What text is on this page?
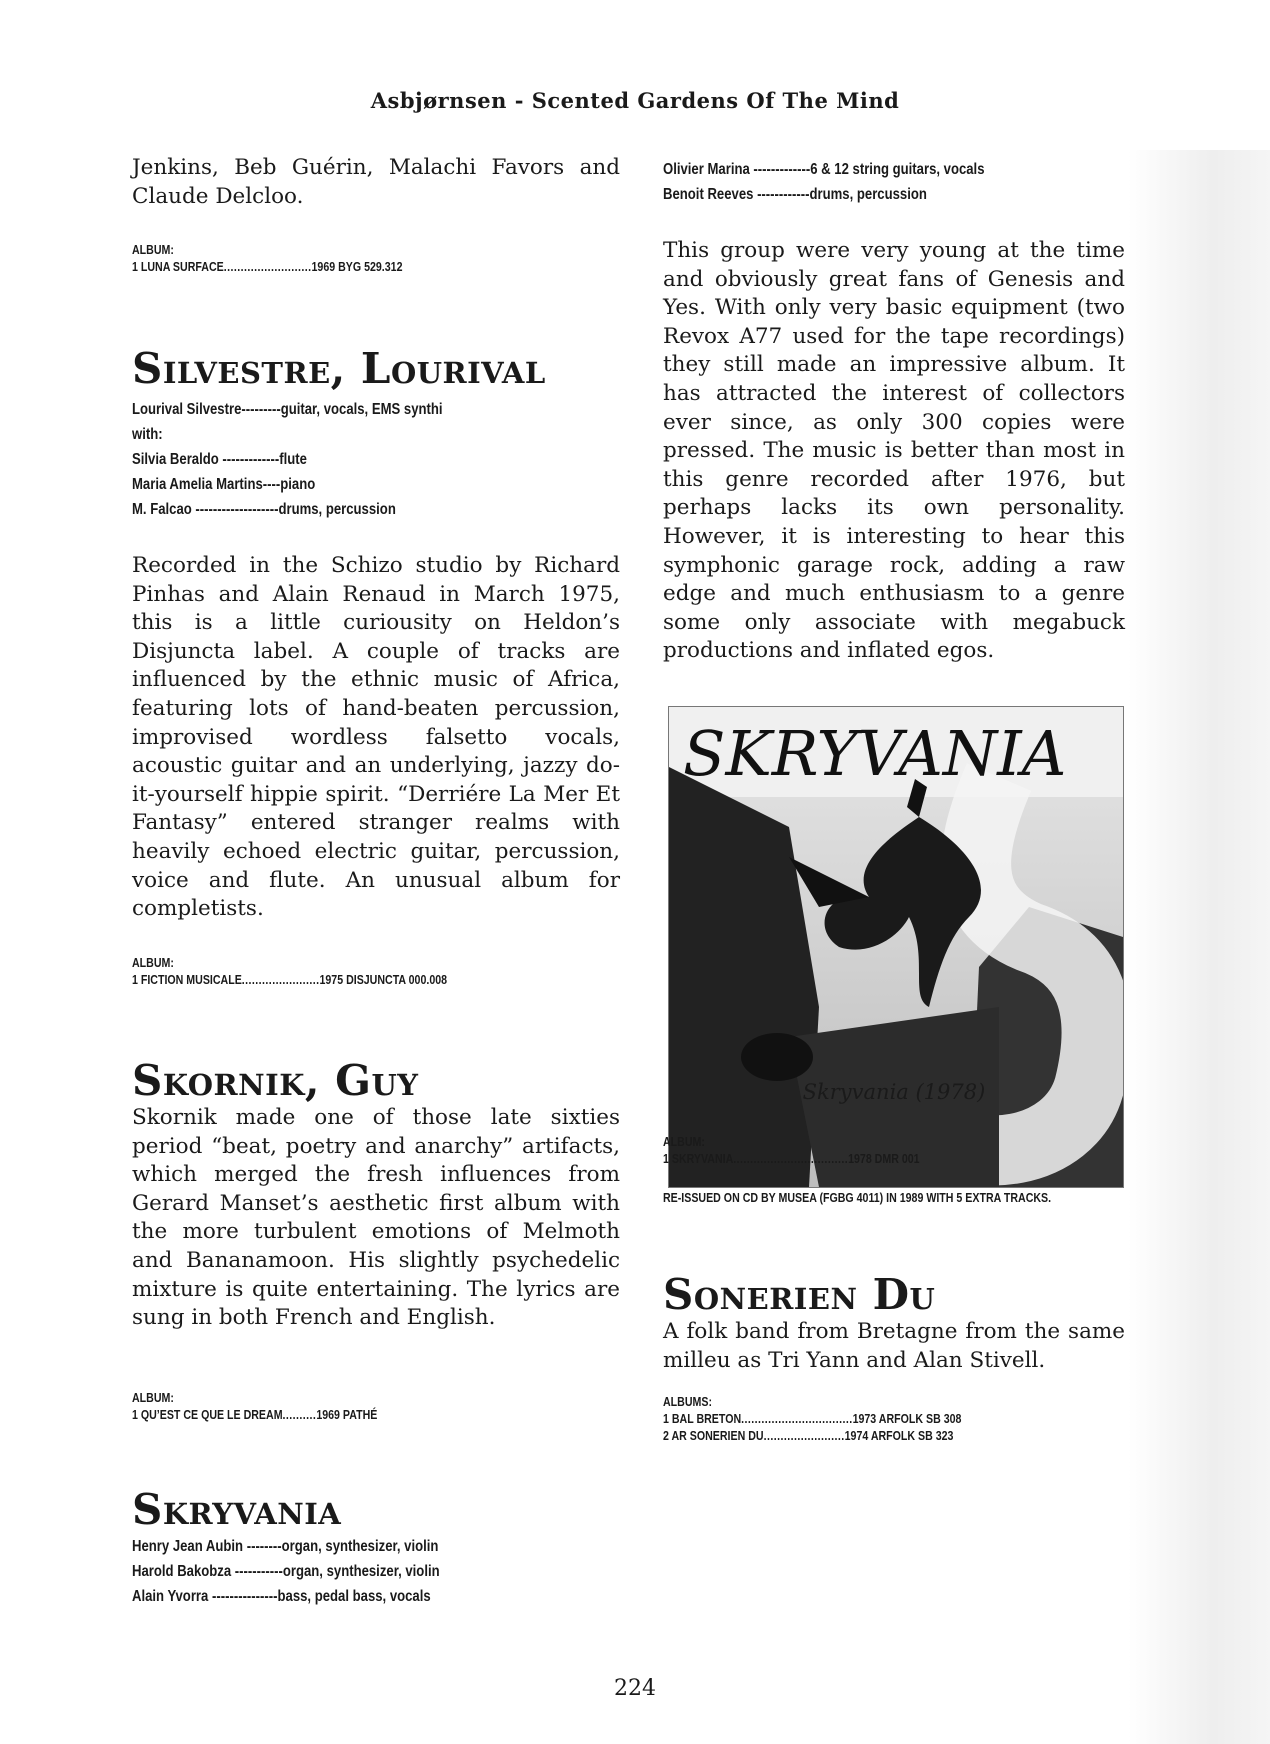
Asbjørnsen - Scented Gardens Of The Mind

Jenkins, Beb Guérin, Malachi Favors and Claude Delcloo.

ALBUM:
1 LUNA SURFACE..........................1969 BYG 529.312
Silvestre, Lourival
Lourival Silvestre---------guitar, vocals, EMS synthi
with:
Silvia Beraldo -------------flute
Maria Amelia Martins----piano
M. Falcao -------------------drums, percussion

Recorded in the Schizo studio by Richard Pinhas and Alain Renaud in March 1975, this is a little curiousity on Heldon’s Disjuncta label. A couple of tracks are influenced by the ethnic music of Africa, featuring lots of hand-beaten percussion, improvised wordless falsetto vocals, acoustic guitar and an underlying, jazzy do-it-yourself hippie spirit. “Derriére La Mer Et Fantasy” entered stranger realms with heavily echoed electric guitar, percussion, voice and flute. An unusual album for completists.

ALBUM:
1 FICTION MUSICALE.......................1975 DISJUNCTA 000.008
Skornik, Guy

Skornik made one of those late sixties period “beat, poetry and anarchy” artifacts, which merged the fresh influences from Gerard Manset’s aesthetic first album with the more turbulent emotions of Melmoth and Bananamoon. His slightly psychedelic mixture is quite entertaining. The lyrics are sung in both French and English.

ALBUM:
1 QU’EST CE QUE LE DREAM..........1969 PATHÉ
Skryvania
Henry Jean Aubin --------organ, synthesizer, violin
Harold Bakobza -----------organ, synthesizer, violin
Alain Yvorra ---------------bass, pedal bass, vocals
Olivier Marina -------------6 & 12 string guitars, vocals
Benoit Reeves ------------drums, percussion

This group were very young at the time and obviously great fans of Genesis and Yes. With only very basic equipment (two Revox A77 used for the tape recordings) they still made an impressive album. It has attracted the interest of collectors ever since, as only 300 copies were pressed. The music is better than most in this genre recorded after 1976, but perhaps lacks its own personality. However, it is interesting to hear this symphonic garage rock, adding a raw edge and much enthusiasm to a genre some only associate with megabuck productions and inflated egos.

SKRYVANIA
Skryvania (1978)
ALBUM:
1 SKRYVANIA..................................1978 DMR 001
RE-ISSUED ON CD BY MUSEA (FGBG 4011) IN 1989 WITH 5 EXTRA TRACKS.
Sonerien Du

A folk band from Bretagne from the same milleu as Tri Yann and Alan Stivell.

ALBUMS:
1 BAL BRETON.................................1973 ARFOLK SB 308
2 AR SONERIEN DU........................1974 ARFOLK SB 323
224
